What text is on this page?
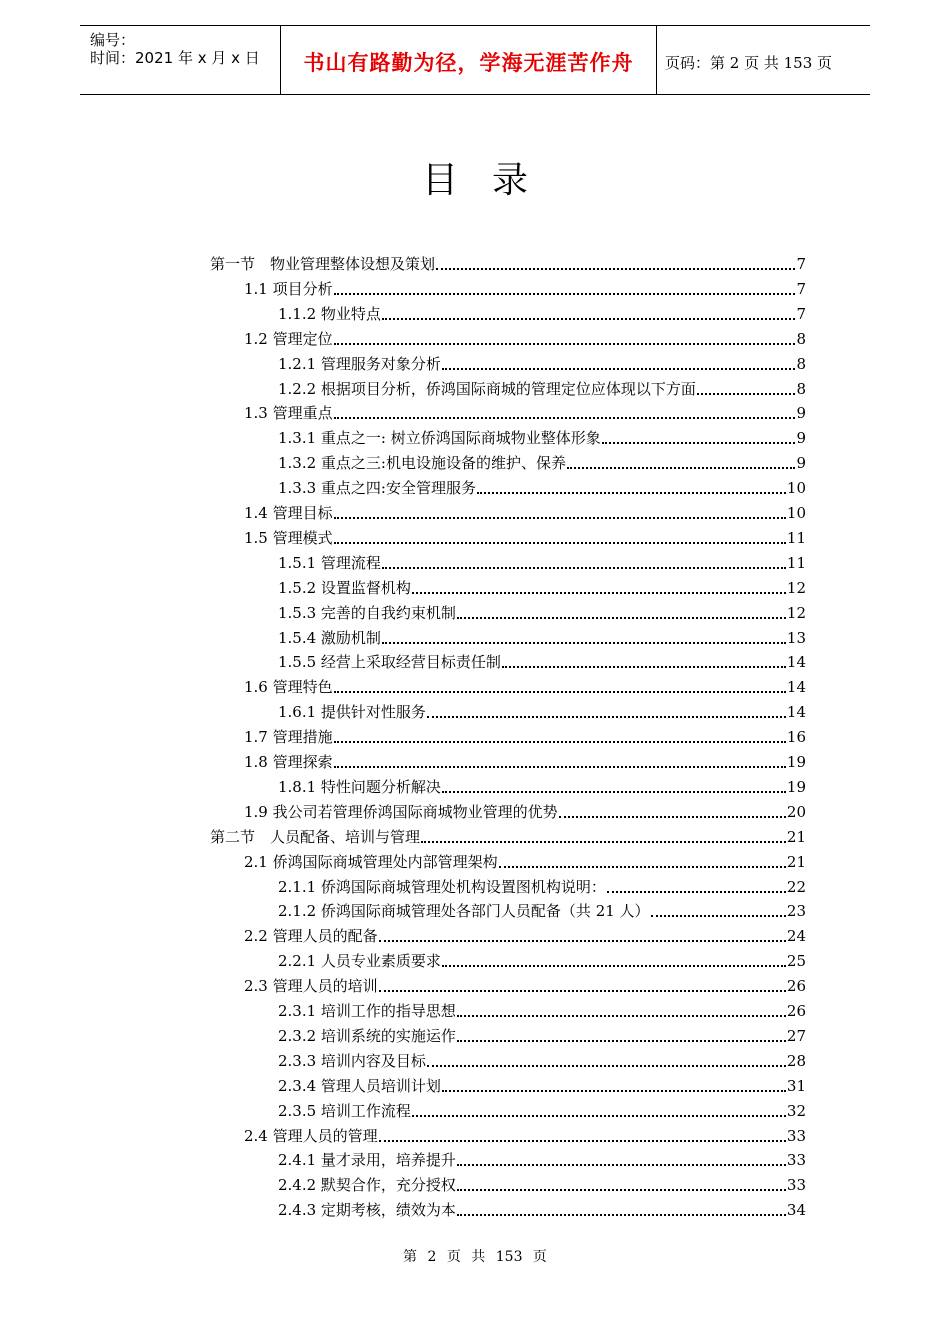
编号：
时间：2021 年 x 月 x 日	书山有路勤为径，学海无涯苦作舟	页码：第 2 页 共 153 页
目录
第一节　物业管理整体设想及策划	7
1.1 项目分析	7
1.1.2 物业特点	7
1.2 管理定位	8
1.2.1 管理服务对象分析	8
1.2.2 根据项目分析，侨鸿国际商城的管理定位应体现以下方面	8
1.3 管理重点	9
1.3.1 重点之一: 树立侨鸿国际商城物业整体形象	9
1.3.2 重点之三:机电设施设备的维护、保养	9
1.3.3 重点之四:安全管理服务	10
1.4 管理目标	10
1.5 管理模式	11
1.5.1 管理流程	11
1.5.2 设置监督机构	12
1.5.3 完善的自我约束机制	12
1.5.4 激励机制	13
1.5.5 经营上采取经营目标责任制	14
1.6 管理特色	14
1.6.1 提供针对性服务	14
1.7 管理措施	16
1.8 管理探索	19
1.8.1 特性问题分析解决	19
1.9 我公司若管理侨鸿国际商城物业管理的优势	20
第二节　人员配备、培训与管理	21
2.1 侨鸿国际商城管理处内部管理架构	21
2.1.1 侨鸿国际商城管理处机构设置图机构说明：	22
2.1.2 侨鸿国际商城管理处各部门人员配备（共 21 人）	23
2.2 管理人员的配备	24
2.2.1 人员专业素质要求	25
2.3 管理人员的培训	26
2.3.1 培训工作的指导思想	26
2.3.2 培训系统的实施运作	27
2.3.3 培训内容及目标	28
2.3.4 管理人员培训计划	31
2.3.5 培训工作流程	32
2.4 管理人员的管理	33
2.4.1 量才录用，培养提升	33
2.4.2 默契合作，充分授权	33
2.4.3 定期考核，绩效为本	34
第 2 页 共 153 页
